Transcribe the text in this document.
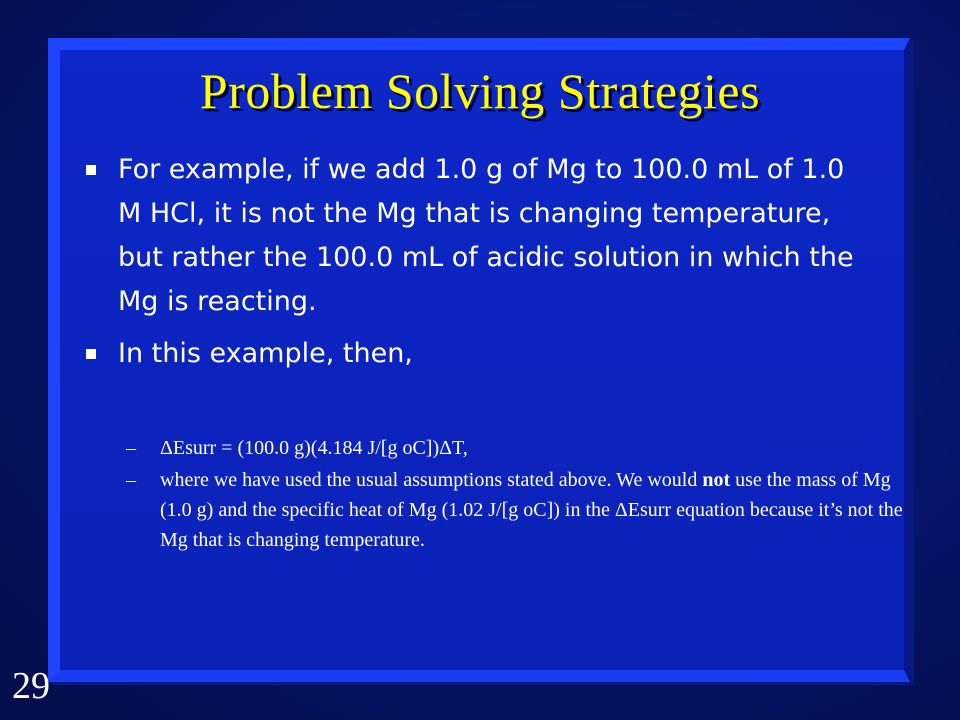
Problem Solving Strategies
For example, if we add 1.0 g of Mg to 100.0 mL of 1.0 M HCl, it is not the Mg that is changing temperature, but rather the 100.0 mL of acidic solution in which the Mg is reacting.
In this example, then,
– ΔEsurr = (100.0 g)(4.184 J/[g oC])ΔT,
– where we have used the usual assumptions stated above. We would not use the mass of Mg (1.0 g) and the specific heat of Mg (1.02 J/[g oC]) in the ΔEsurr equation because it’s not the Mg that is changing temperature.
29
